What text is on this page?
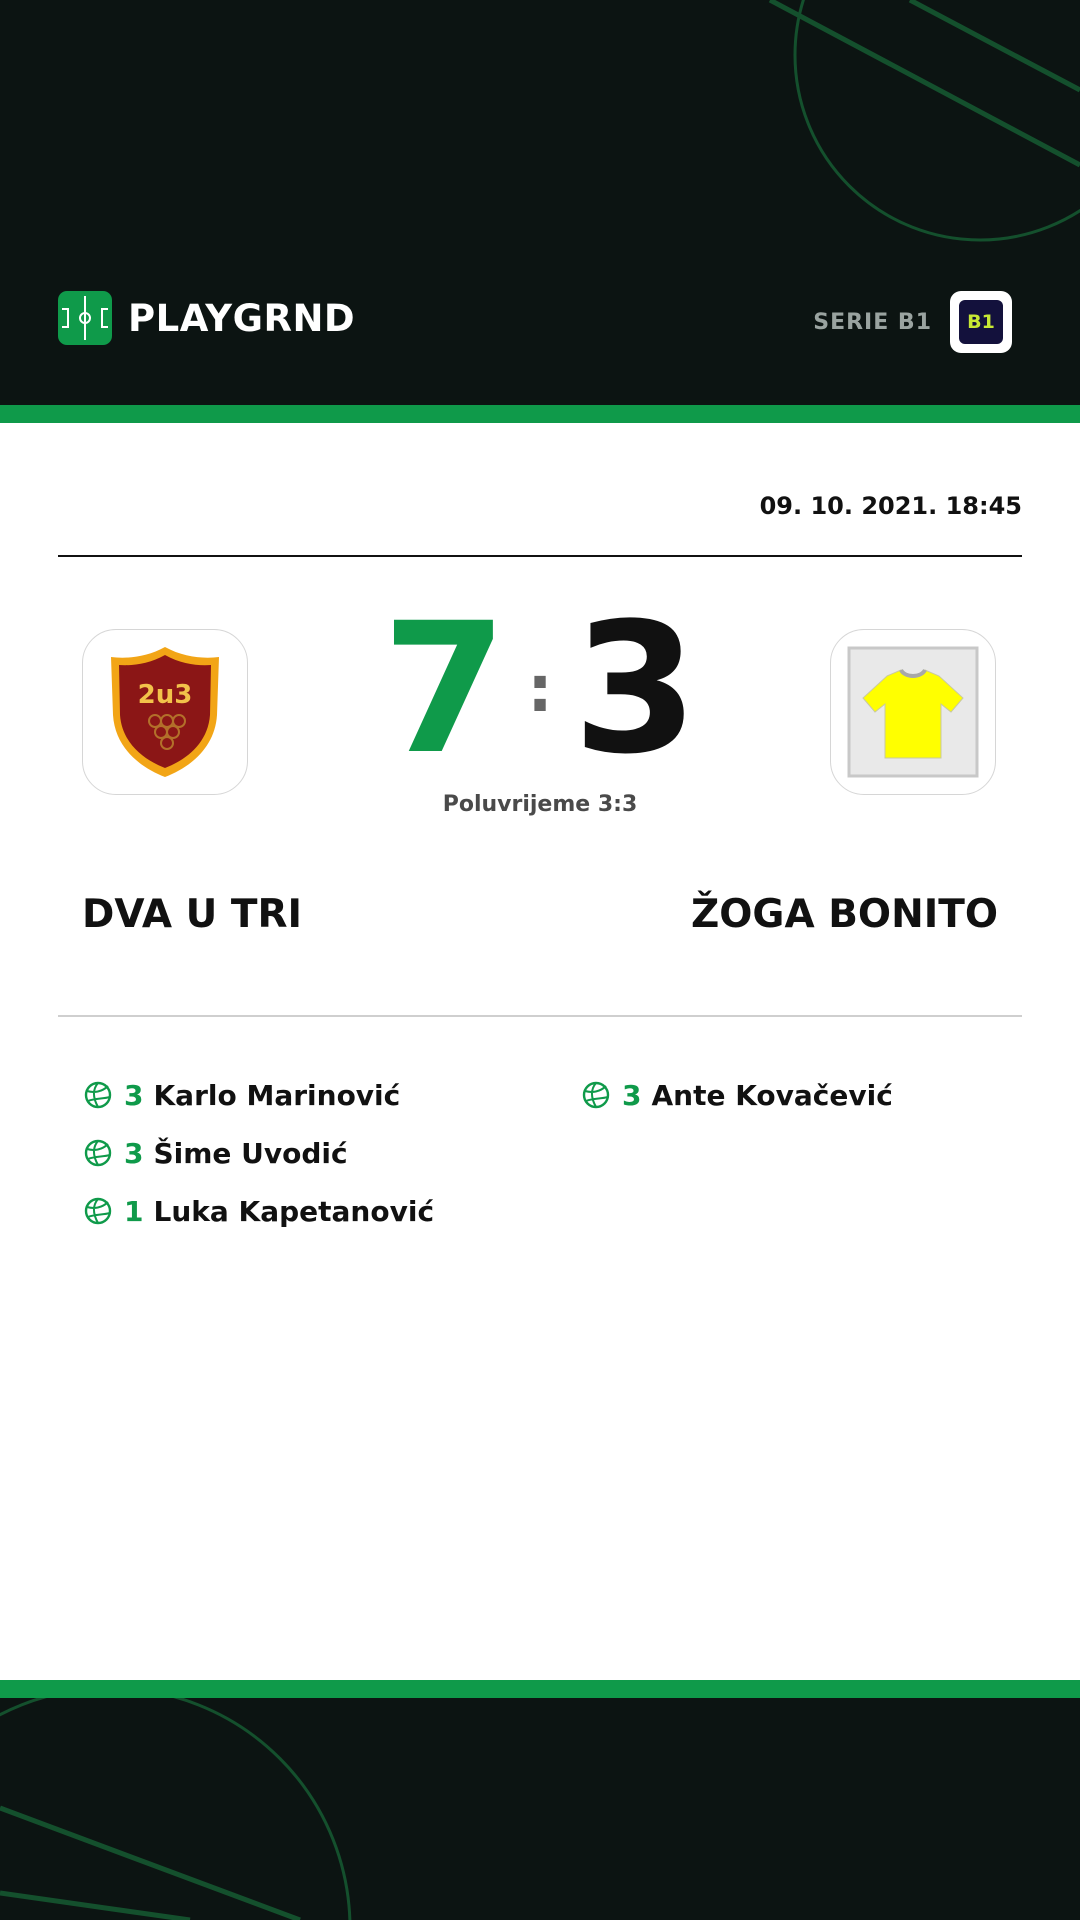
PLAYGRND	SERIE B1	B1
09. 10. 2021. 18:45
2u3	7 : 3
Poluvrijeme 3:3
DVA U TRI	ŽOGA BONITO
3 Karlo Marinović
3 Šime Uvodić
1 Luka Kapetanović
3 Ante Kovačević
